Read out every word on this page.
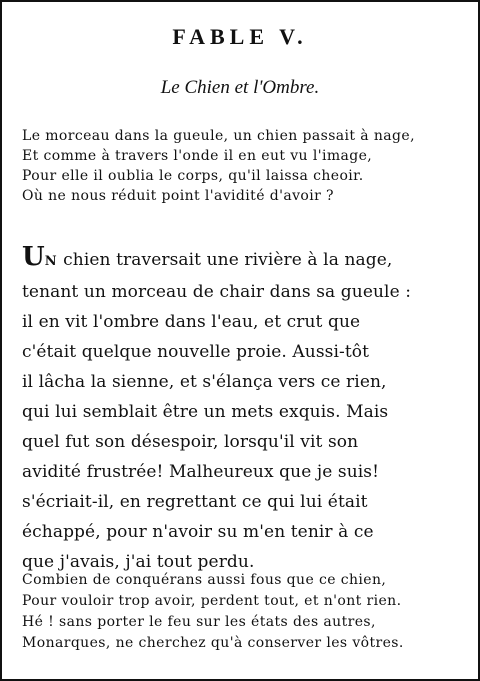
FABLE V.
Le Chien et l'Ombre.
Le morceau dans la gueule, un chien passait à nage,
Et comme à travers l'onde il en eut vu l'image,
Pour elle il oublia le corps, qu'il laissa cheoir.
Où ne nous réduit point l'avidité d'avoir ?
UN chien traversait une rivière à la nage,
tenant un morceau de chair dans sa gueule :
il en vit l'ombre dans l'eau, et crut que
c'était quelque nouvelle proie. Aussi-tôt
il lâcha la sienne, et s'élança vers ce rien,
qui lui semblait être un mets exquis. Mais
quel fut son désespoir, lorsqu'il vit son
avidité frustrée! Malheureux que je suis!
s'écriait-il, en regrettant ce qui lui était
échappé, pour n'avoir su m'en tenir à ce
que j'avais, j'ai tout perdu.
Combien de conquérans aussi fous que ce chien,
Pour vouloir trop avoir, perdent tout, et n'ont rien.
Hé ! sans porter le feu sur les états des autres,
Monarques, ne cherchez qu'à conserver les vôtres.
